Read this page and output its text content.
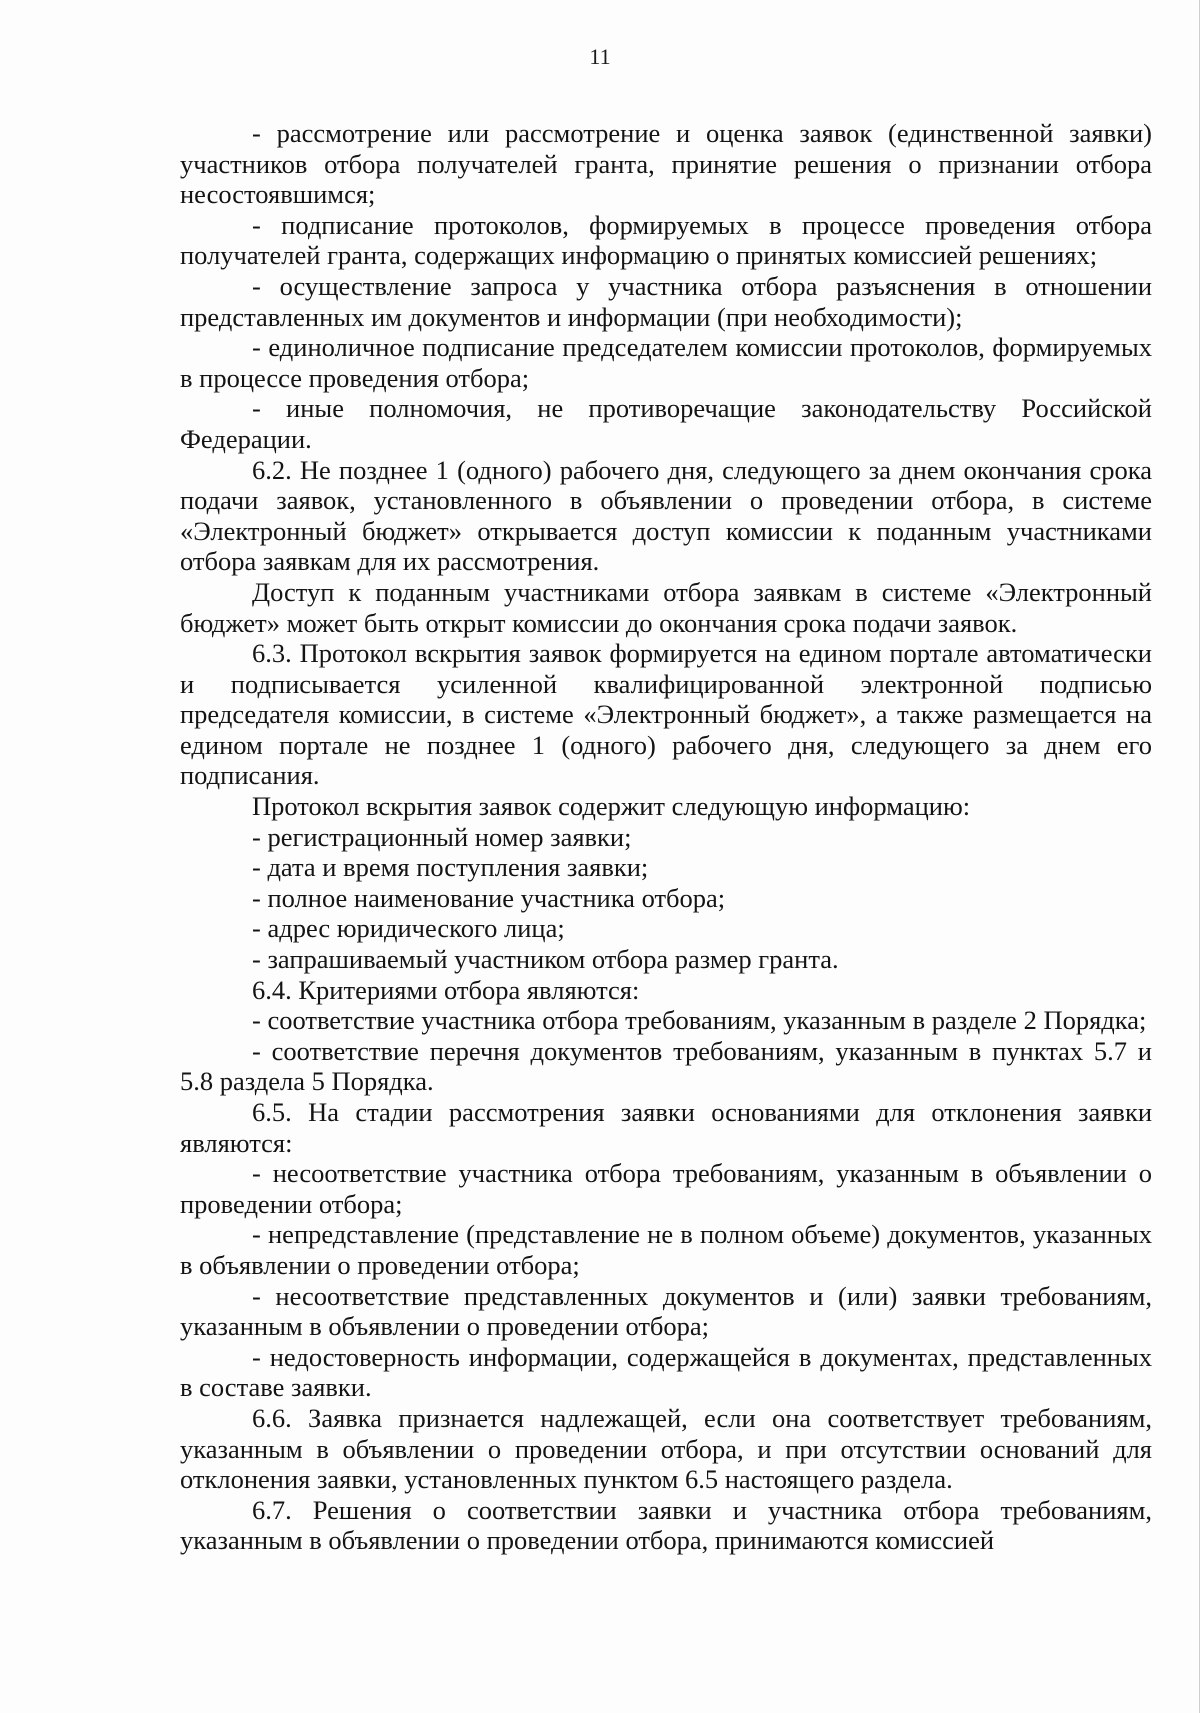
11

- рассмотрение или рассмотрение и оценка заявок (единственной заявки) участников отбора получателей гранта, принятие решения о признании отбора несостоявшимся;

- подписание протоколов, формируемых в процессе проведения отбора получателей гранта, содержащих информацию о принятых комиссией решениях;

- осуществление запроса у участника отбора разъяснения в отношении представленных им документов и информации (при необходимости);

- единоличное подписание председателем комиссии протоколов, формируемых в процессе проведения отбора;

- иные полномочия, не противоречащие законодательству Российской Федерации.

6.2. Не позднее 1 (одного) рабочего дня, следующего за днем окончания срока подачи заявок, установленного в объявлении о проведении отбора, в системе «Электронный бюджет» открывается доступ комиссии к поданным участниками отбора заявкам для их рассмотрения.

Доступ к поданным участниками отбора заявкам в системе «Электронный бюджет» может быть открыт комиссии до окончания срока подачи заявок.

6.3. Протокол вскрытия заявок формируется на едином портале автоматически и подписывается усиленной квалифицированной электронной подписью председателя комиссии, в системе «Электронный бюджет», а также размещается на едином портале не позднее 1 (одного) рабочего дня, следующего за днем его подписания.

Протокол вскрытия заявок содержит следующую информацию:

- регистрационный номер заявки;

- дата и время поступления заявки;

- полное наименование участника отбора;

- адрес юридического лица;

- запрашиваемый участником отбора размер гранта.

6.4. Критериями отбора являются:

- соответствие участника отбора требованиям, указанным в разделе 2 Порядка;

- соответствие перечня документов требованиям, указанным в пунктах 5.7 и 5.8 раздела 5 Порядка.

6.5. На стадии рассмотрения заявки основаниями для отклонения заявки являются:

- несоответствие участника отбора требованиям, указанным в объявлении о проведении отбора;

- непредставление (представление не в полном объеме) документов, указанных в объявлении о проведении отбора;

- несоответствие представленных документов и (или) заявки требованиям, указанным в объявлении о проведении отбора;

- недостоверность информации, содержащейся в документах, представленных в составе заявки.

6.6. Заявка признается надлежащей, если она соответствует требованиям, указанным в объявлении о проведении отбора, и при отсутствии оснований для отклонения заявки, установленных пунктом 6.5 настоящего раздела.

6.7. Решения о соответствии заявки и участника отбора требованиям, указанным в объявлении о проведении отбора, принимаются комиссией
